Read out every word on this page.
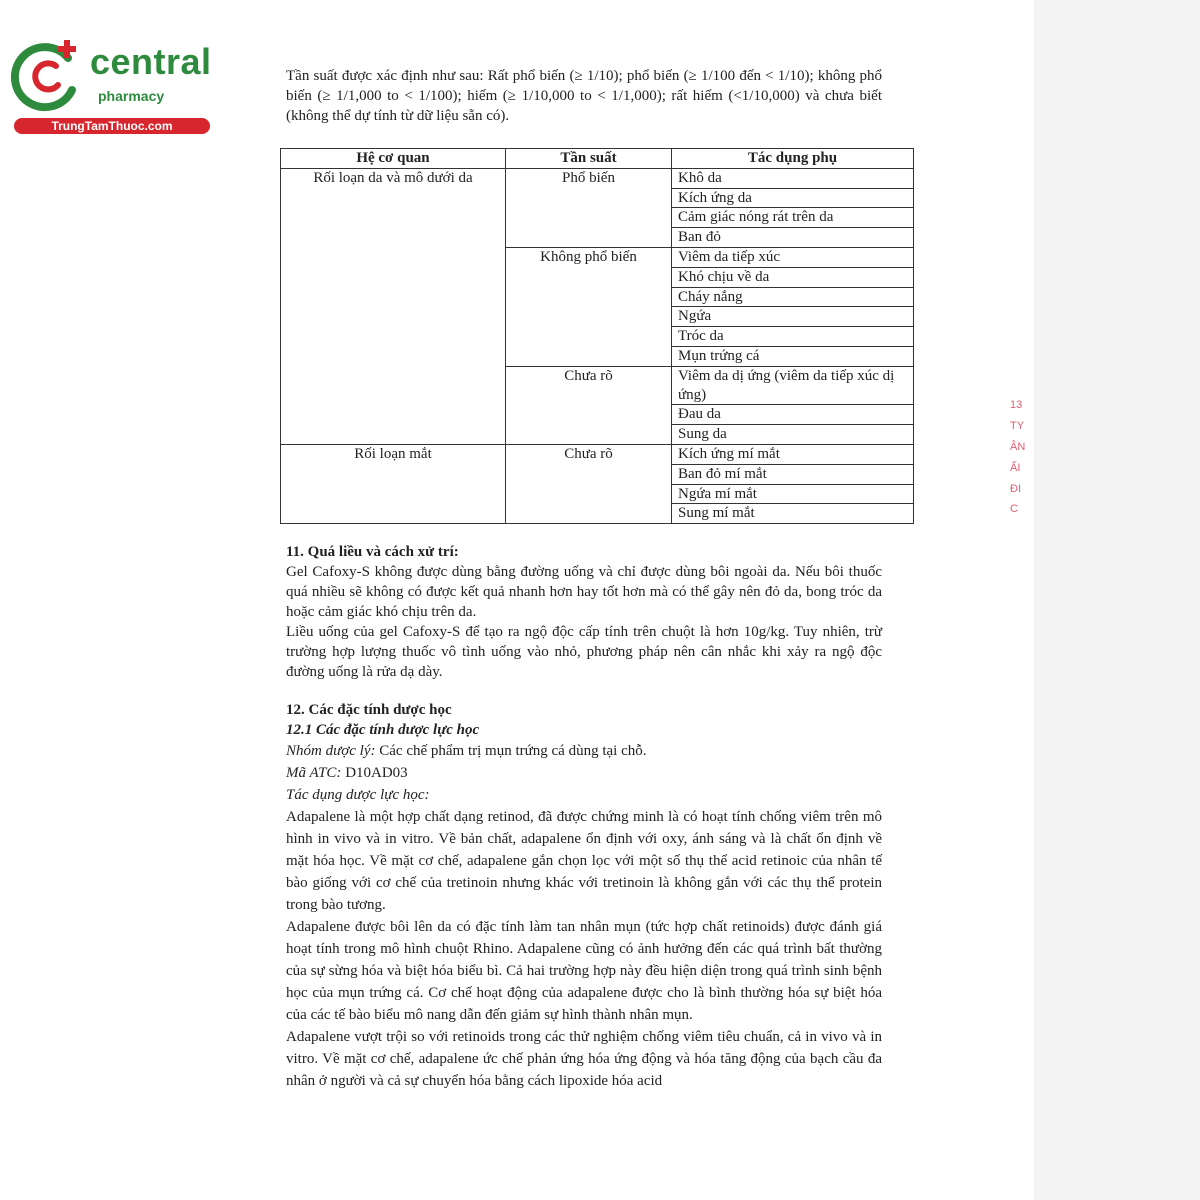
13
TY
ÂN
ẤI
ĐI
C
central
pharmacy
TrungTamThuoc.com

Tần suất được xác định như sau: Rất phổ biến (≥ 1/10); phổ biến (≥ 1/100 đến < 1/10); không phổ biến (≥ 1/1,000 to < 1/100); hiếm (≥ 1/10,000 to < 1/1,000); rất hiếm (<1/10,000) và chưa biết (không thể dự tính từ dữ liệu sẵn có).

Hệ cơ quan	Tần suất	Tác dụng phụ
Rối loạn da và mô dưới da	Phổ biến	Khô da
		Kích ứng da
		Cảm giác nóng rát trên da
		Ban đỏ
	Không phổ biến	Viêm da tiếp xúc
		Khó chịu về da
		Cháy nắng
		Ngứa
		Tróc da
		Mụn trứng cá
	Chưa rõ	Viêm da dị ứng (viêm da tiếp xúc dị ứng)
		Đau da
		Sung da
Rối loạn mắt	Chưa rõ	Kích ứng mí mắt
		Ban đỏ mí mắt
		Ngứa mí mắt
		Sung mí mắt
11. Quá liều và cách xử trí:

Gel Cafoxy-S không được dùng bằng đường uống và chỉ được dùng bôi ngoài da. Nếu bôi thuốc quá nhiều sẽ không có được kết quả nhanh hơn hay tốt hơn mà có thể gây nên đỏ da, bong tróc da hoặc cảm giác khó chịu trên da.

Liều uống của gel Cafoxy-S để tạo ra ngộ độc cấp tính trên chuột là hơn 10g/kg. Tuy nhiên, trừ trường hợp lượng thuốc vô tình uống vào nhỏ, phương pháp nên cân nhắc khi xảy ra ngộ độc đường uống là rửa dạ dày.

12. Các đặc tính dược học
12.1 Các đặc tính dược lực học

Nhóm dược lý: Các chế phẩm trị mụn trứng cá dùng tại chỗ.

Mã ATC: D10AD03

Tác dụng dược lực học:

Adapalene là một hợp chất dạng retinod, đã được chứng minh là có hoạt tính chống viêm trên mô hình in vivo và in vitro. Về bản chất, adapalene ổn định với oxy, ánh sáng và là chất ổn định về mặt hóa học. Về mặt cơ chế, adapalene gắn chọn lọc với một số thụ thể acid retinoic của nhân tế bào giống với cơ chế của tretinoin nhưng khác với tretinoin là không gắn với các thụ thể protein trong bào tương.

Adapalene được bôi lên da có đặc tính làm tan nhân mụn (tức hợp chất retinoids) được đánh giá hoạt tính trong mô hình chuột Rhino. Adapalene cũng có ảnh hưởng đến các quá trình bất thường của sự sừng hóa và biệt hóa biểu bì. Cả hai trường hợp này đều hiện diện trong quá trình sinh bệnh học của mụn trứng cá. Cơ chế hoạt động của adapalene được cho là bình thường hóa sự biệt hóa của các tế bào biểu mô nang dẫn đến giảm sự hình thành nhân mụn.

Adapalene vượt trội so với retinoids trong các thử nghiệm chống viêm tiêu chuẩn, cả in vivo và in vitro. Về mặt cơ chế, adapalene ức chế phản ứng hóa ứng động và hóa tăng động của bạch cầu đa nhân ở người và cả sự chuyển hóa bằng cách lipoxide hóa acid
